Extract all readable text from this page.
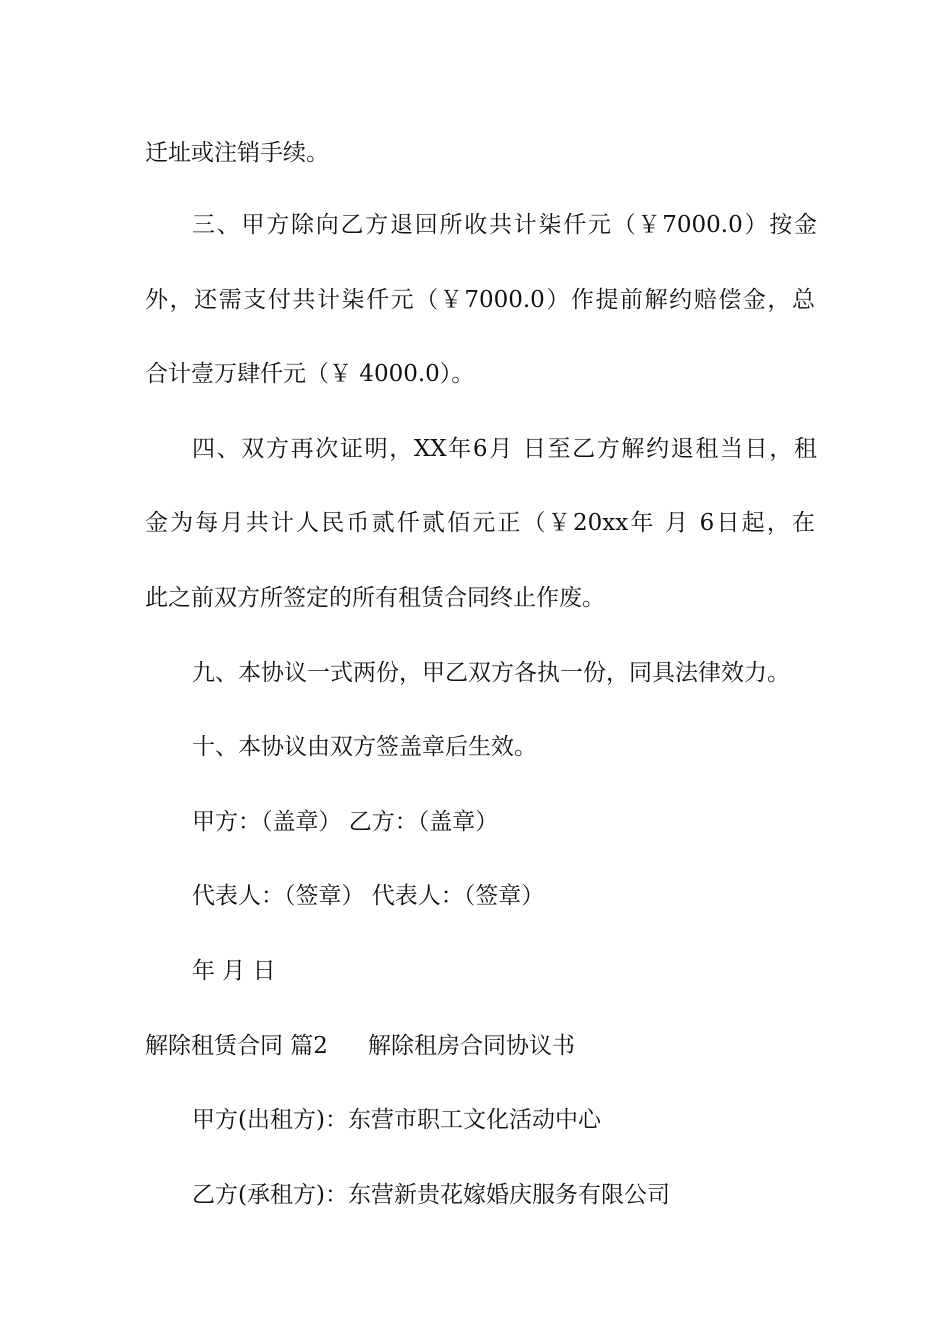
迁址或注销手续。
三、甲方除向乙方退回所收共计柒仟元（￥7000.0）按金
外，还需支付共计柒仟元（￥7000.0）作提前解约赔偿金，总
合计壹万肆仟元（￥ 4000.0）。
四、双方再次证明，XX年6月 日至乙方解约退租当日，租
金为每月共计人民币贰仟贰佰元正（￥20xx年 月 6日起，在
此之前双方所签定的所有租赁合同终止作废。
九、本协议一式两份，甲乙双方各执一份，同具法律效力。
十、本协议由双方签盖章后生效。
甲方：（盖章） 乙方：（盖章）
代表人：（签章） 代表人：（签章）
年 月 日
解除租赁合同 篇2 解除租房合同协议书
甲方(出租方)：东营市职工文化活动中心
乙方(承租方)：东营新贵花嫁婚庆服务有限公司
